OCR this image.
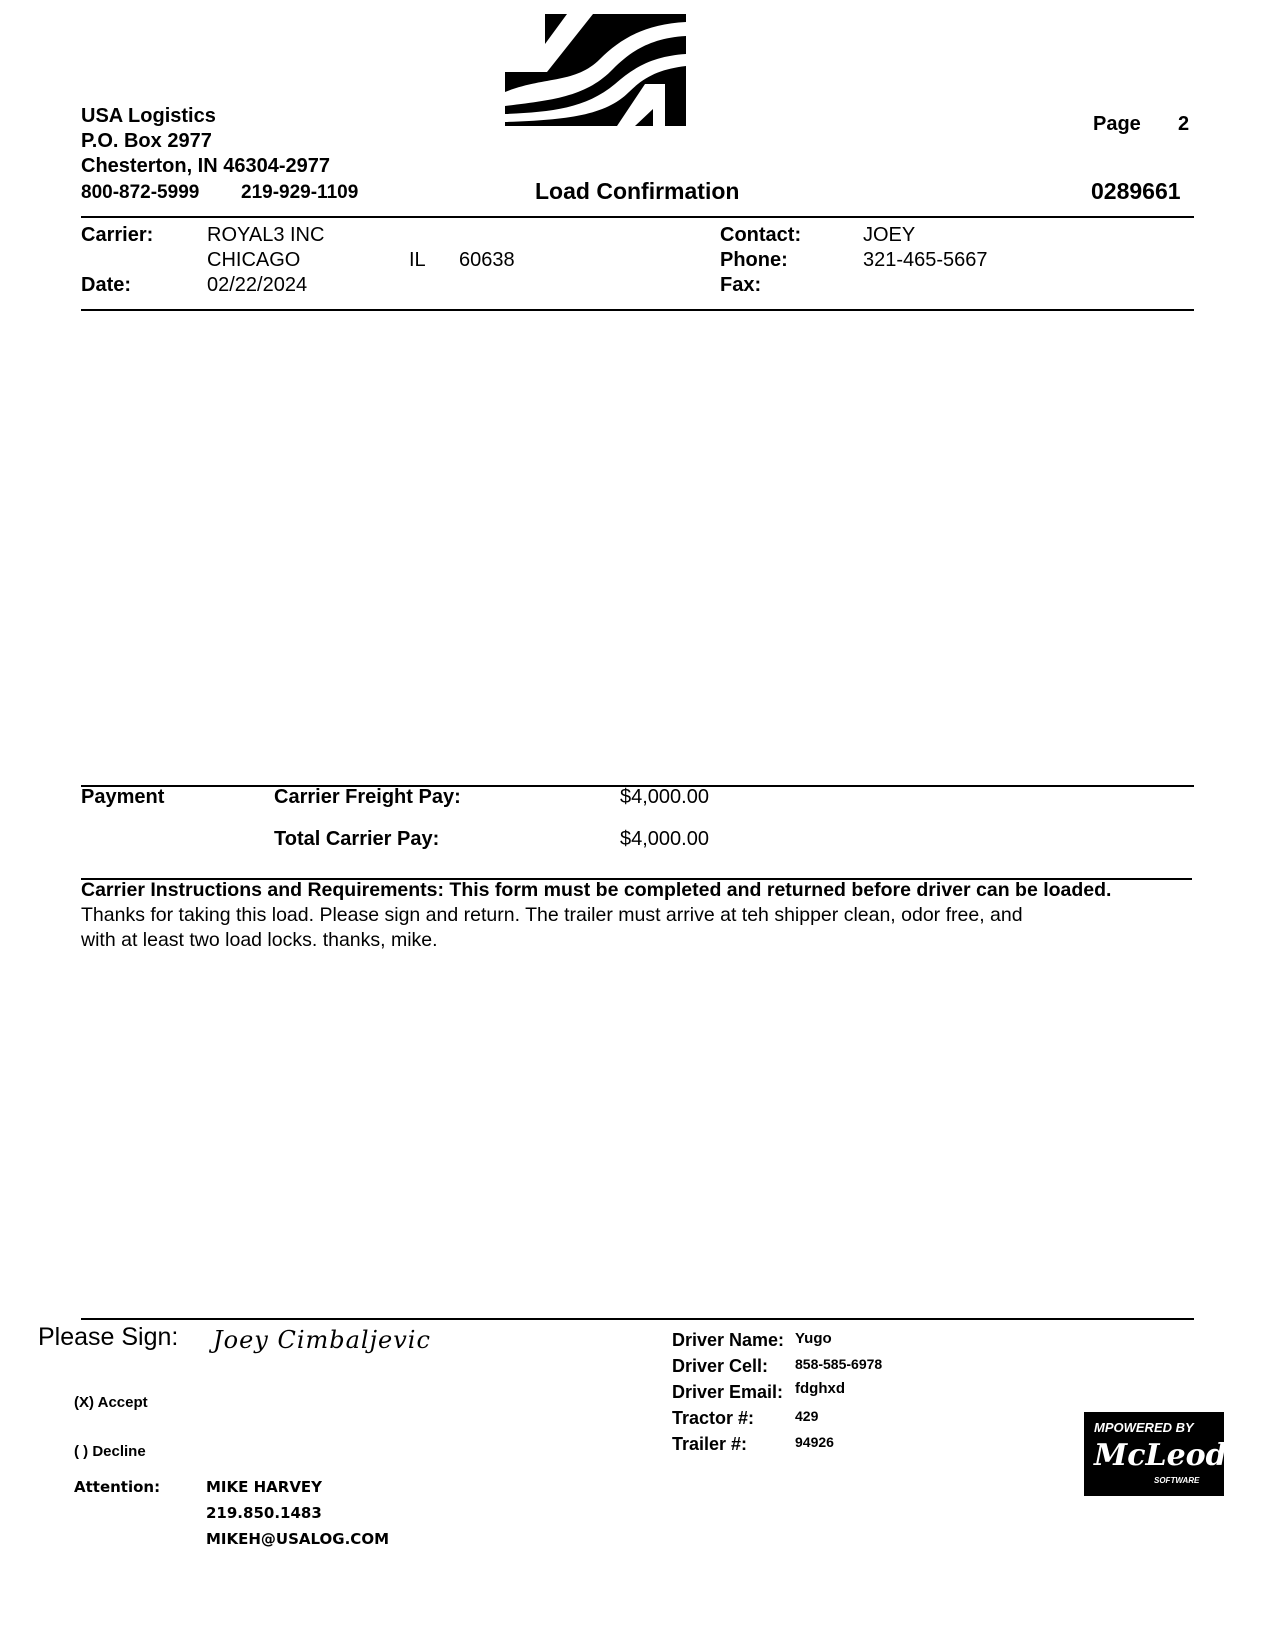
USA Logistics
P.O. Box 2977
Chesterton, IN 46304-2977
800-872-5999 219-929-1109
Page 2
Load Confirmation	0289661
Carrier:	ROYAL3 INC
CHICAGO	IL 60638
Date:	02/22/2024
Contact:	JOEY
Phone:	321-465-5667
Fax:
Payment	Carrier Freight Pay:	$4,000.00
Total Carrier Pay:	$4,000.00
Carrier Instructions and Requirements: This form must be completed and returned before driver can be loaded.
Thanks for taking this load. Please sign and return. The trailer must arrive at teh shipper clean, odor free, and
with at least two load locks. thanks, mike.
Please Sign: Joey Cimbaljevic
(X) Accept
( ) Decline
Attention:	MIKE HARVEY
219.850.1483
MIKEH@USALOG.COM
Driver Name: Yugo
Driver Cell: 858-585-6978
Driver Email: fdghxd
Tractor #:	429
Trailer #:	94926
MPOWERED BY
McLeod
SOFTWARE
